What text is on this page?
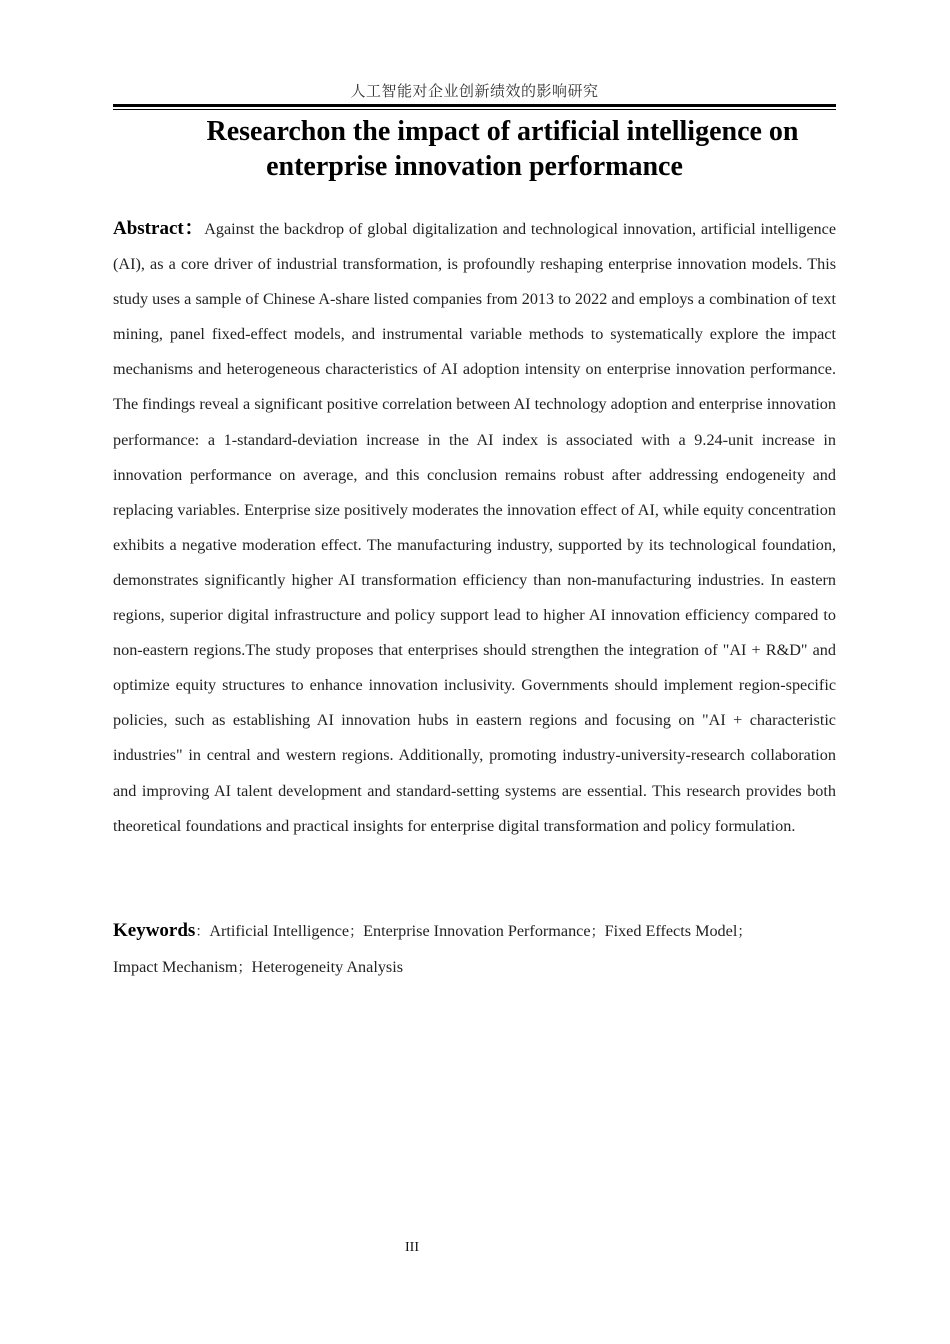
人工智能对企业创新绩效的影响研究
Researchon the impact of artificial intelligence on
enterprise innovation performance
Abstract：Against the backdrop of global digitalization and technological innovation, artificial intelligence (AI), as a core driver of industrial transformation, is profoundly reshaping enterprise innovation models. This study uses a sample of Chinese A-share listed companies from 2013 to 2022 and employs a combination of text mining, panel fixed-effect models, and instrumental variable methods to systematically explore the impact mechanisms and heterogeneous characteristics of AI adoption intensity on enterprise innovation performance. The findings reveal a significant positive correlation between AI technology adoption and enterprise innovation performance: a 1-standard-deviation increase in the AI index is associated with a 9.24-unit increase in innovation performance on average, and this conclusion remains robust after addressing endogeneity and replacing variables. Enterprise size positively moderates the innovation effect of AI, while equity concentration exhibits a negative moderation effect. The manufacturing industry, supported by its technological foundation, demonstrates significantly higher AI transformation efficiency than non-manufacturing industries. In eastern regions, superior digital infrastructure and policy support lead to higher AI innovation efficiency compared to non-eastern regions.The study proposes that enterprises should strengthen the integration of "AI + R&D" and optimize equity structures to enhance innovation inclusivity. Governments should implement region-specific policies, such as establishing AI innovation hubs in eastern regions and focusing on "AI + characteristic industries" in central and western regions. Additionally, promoting industry-university-research collaboration and improving AI talent development and standard-setting systems are essential. This research provides both theoretical foundations and practical insights for enterprise digital transformation and policy formulation.
Keywords：Artificial Intelligence；Enterprise Innovation Performance；Fixed Effects Model；
Impact Mechanism；Heterogeneity Analysis
III
